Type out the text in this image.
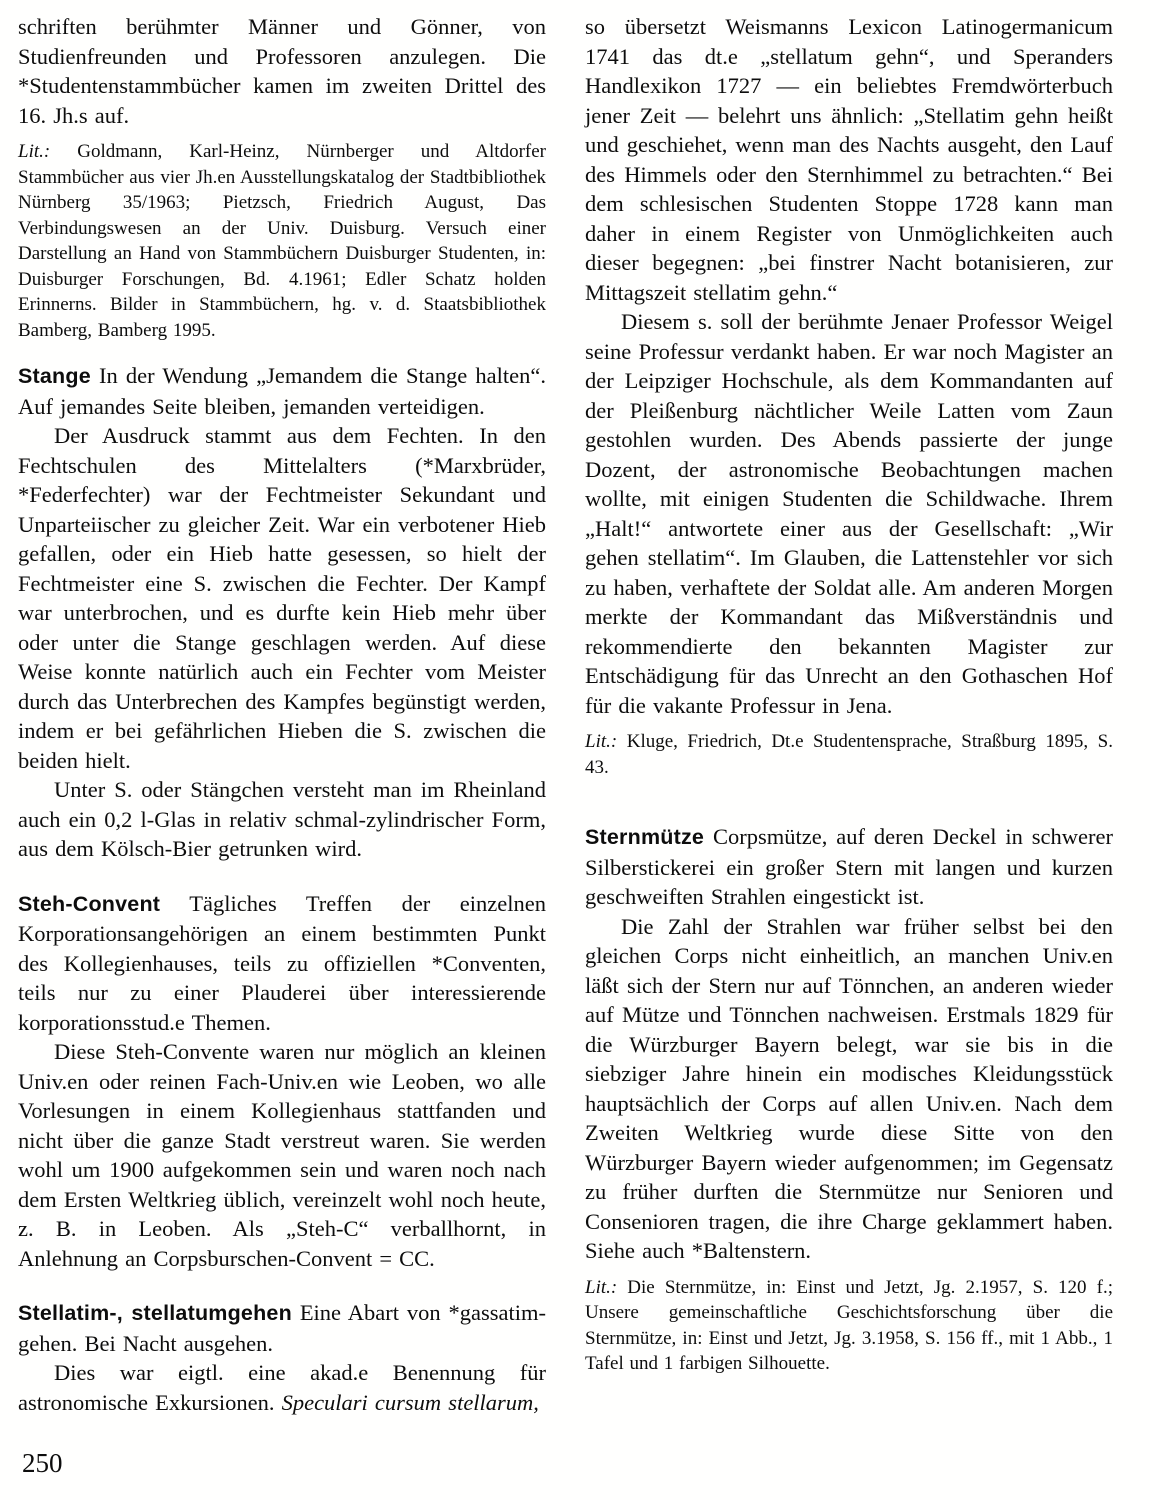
schriften berühmter Männer und Gönner, von Studienfreunden und Professoren anzulegen. Die *Studentenstammbücher kamen im zweiten Drittel des 16. Jh.s auf.

Lit.: Goldmann, Karl-Heinz, Nürnberger und Altdorfer Stammbücher aus vier Jh.en Ausstellungskatalog der Stadtbibliothek Nürnberg 35/1963; Pietzsch, Friedrich August, Das Verbindungswesen an der Univ. Duisburg. Versuch einer Darstellung an Hand von Stammbüchern Duisburger Studenten, in: Duisburger Forschungen, Bd. 4.1961; Edler Schatz holden Erinnerns. Bilder in Stammbüchern, hg. v. d. Staatsbibliothek Bamberg, Bamberg 1995.

Stange In der Wendung „Jemandem die Stange halten“. Auf jemandes Seite bleiben, jemanden verteidigen.

Der Ausdruck stammt aus dem Fechten. In den Fechtschulen des Mittelalters (*Marxbrüder, *Federfechter) war der Fechtmeister Sekundant und Unparteiischer zu gleicher Zeit. War ein verbotener Hieb gefallen, oder ein Hieb hatte gesessen, so hielt der Fechtmeister eine S. zwischen die Fechter. Der Kampf war unterbrochen, und es durfte kein Hieb mehr über oder unter die Stange geschlagen werden. Auf diese Weise konnte natürlich auch ein Fechter vom Meister durch das Unterbrechen des Kampfes begünstigt werden, indem er bei gefährlichen Hieben die S. zwischen die beiden hielt.

Unter S. oder Stängchen versteht man im Rheinland auch ein 0,2 l-Glas in relativ schmal-zylindrischer Form, aus dem Kölsch-Bier getrunken wird.

Steh-Convent Tägliches Treffen der einzelnen Korporationsangehörigen an einem bestimmten Punkt des Kollegienhauses, teils zu offiziellen *Conventen, teils nur zu einer Plauderei über interessierende korporationsstud.e Themen.

Diese Steh-Convente waren nur möglich an kleinen Univ.en oder reinen Fach-Univ.en wie Leoben, wo alle Vorlesungen in einem Kollegienhaus stattfanden und nicht über die ganze Stadt verstreut waren. Sie werden wohl um 1900 aufgekommen sein und waren noch nach dem Ersten Weltkrieg üblich, vereinzelt wohl noch heute, z. B. in Leoben. Als „Steh-C“ verballhornt, in Anlehnung an Corpsburschen-Convent = CC.

Stellatim-, stellatumgehen Eine Abart von *gassatim-gehen. Bei Nacht ausgehen.

Dies war eigtl. eine akad.e Benennung für astronomische Exkursionen. Speculari cursum stellarum,

so übersetzt Weismanns Lexicon Latinogermanicum 1741 das dt.e „stellatum gehn“, und Speranders Handlexikon 1727 — ein beliebtes Fremdwörterbuch jener Zeit — belehrt uns ähnlich: „Stellatim gehn heißt und geschiehet, wenn man des Nachts ausgeht, den Lauf des Himmels oder den Sternhimmel zu betrachten.“ Bei dem schlesischen Studenten Stoppe 1728 kann man daher in einem Register von Unmöglichkeiten auch dieser begegnen: „bei finstrer Nacht botanisieren, zur Mittagszeit stellatim gehn.“

Diesem s. soll der berühmte Jenaer Professor Weigel seine Professur verdankt haben. Er war noch Magister an der Leipziger Hochschule, als dem Kommandanten auf der Pleißenburg nächtlicher Weile Latten vom Zaun gestohlen wurden. Des Abends passierte der junge Dozent, der astronomische Beobachtungen machen wollte, mit einigen Studenten die Schildwache. Ihrem „Halt!“ antwortete einer aus der Gesellschaft: „Wir gehen stellatim“. Im Glauben, die Lattenstehler vor sich zu haben, verhaftete der Soldat alle. Am anderen Morgen merkte der Kommandant das Mißverständnis und rekommendierte den bekannten Magister zur Entschädigung für das Unrecht an den Gothaschen Hof für die vakante Professur in Jena.

Lit.: Kluge, Friedrich, Dt.e Studentensprache, Straßburg 1895, S. 43.

Sternmütze Corpsmütze, auf deren Deckel in schwerer Silberstickerei ein großer Stern mit langen und kurzen geschweiften Strahlen eingestickt ist.

Die Zahl der Strahlen war früher selbst bei den gleichen Corps nicht einheitlich, an manchen Univ.en läßt sich der Stern nur auf Tönnchen, an anderen wieder auf Mütze und Tönnchen nachweisen. Erstmals 1829 für die Würzburger Bayern belegt, war sie bis in die siebziger Jahre hinein ein modisches Kleidungsstück hauptsächlich der Corps auf allen Univ.en. Nach dem Zweiten Weltkrieg wurde diese Sitte von den Würzburger Bayern wieder aufgenommen; im Gegensatz zu früher durften die Sternmütze nur Senioren und Consenioren tragen, die ihre Charge geklammert haben. Siehe auch *Baltenstern.

Lit.: Die Sternmütze, in: Einst und Jetzt, Jg. 2.1957, S. 120 f.; Unsere gemeinschaftliche Geschichtsforschung über die Sternmütze, in: Einst und Jetzt, Jg. 3.1958, S. 156 ff., mit 1 Abb., 1 Tafel und 1 farbigen Silhouette.

250
